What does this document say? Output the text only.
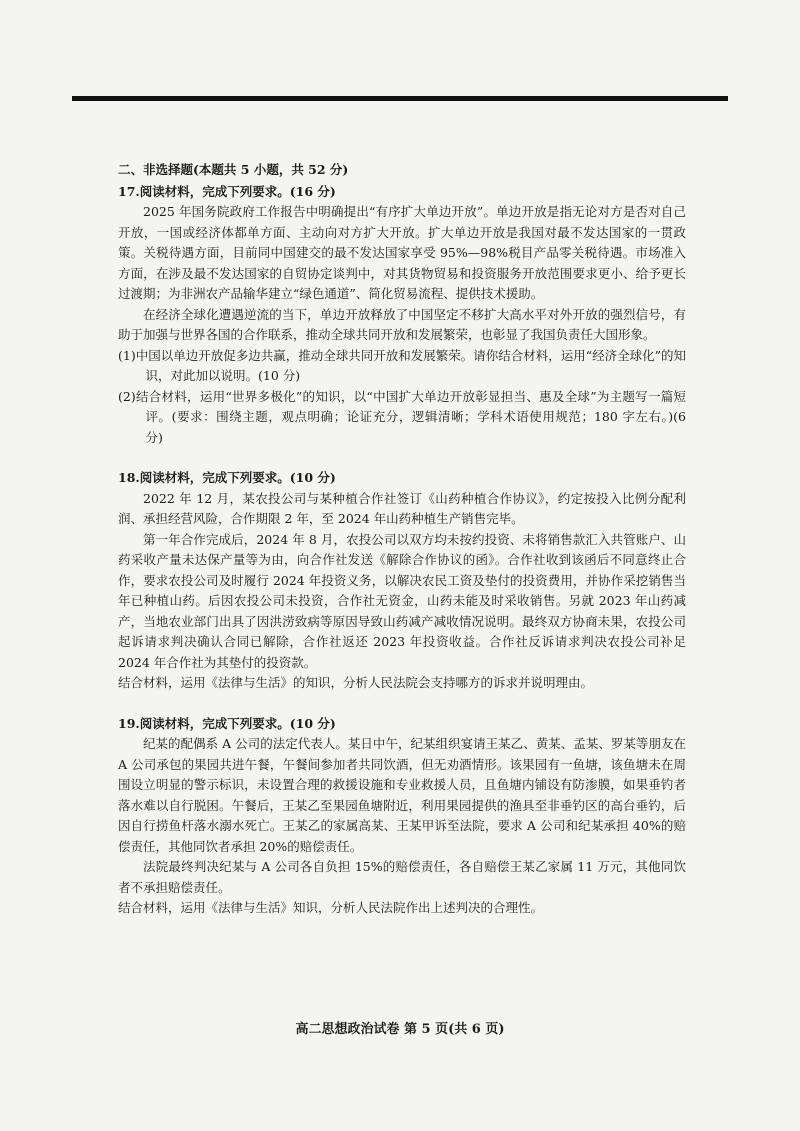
二、非选择题(本题共 5 小题，共 52 分)

17.阅读材料，完成下列要求。(16 分)

2025 年国务院政府工作报告中明确提出“有序扩大单边开放”。单边开放是指无论对方是否对自己开放，一国或经济体都单方面、主动向对方扩大开放。扩大单边开放是我国对最不发达国家的一贯政策。关税待遇方面，目前同中国建交的最不发达国家享受 95%—98%税目产品零关税待遇。市场准入方面，在涉及最不发达国家的自贸协定谈判中，对其货物贸易和投资服务开放范围要求更小、给予更长过渡期；为非洲农产品输华建立“绿色通道”、简化贸易流程、提供技术援助。

在经济全球化遭遇逆流的当下，单边开放释放了中国坚定不移扩大高水平对外开放的强烈信号，有助于加强与世界各国的合作联系，推动全球共同开放和发展繁荣，也彰显了我国负责任大国形象。

(1)中国以单边开放促多边共赢，推动全球共同开放和发展繁荣。请你结合材料，运用“经济全球化”的知识，对此加以说明。(10 分)

(2)结合材料，运用“世界多极化”的知识，以“中国扩大单边开放彰显担当、惠及全球”为主题写一篇短评。(要求：围绕主题，观点明确；论证充分，逻辑清晰；学科术语使用规范；180 字左右。)(6 分)

18.阅读材料，完成下列要求。(10 分)

2022 年 12 月，某农投公司与某种植合作社签订《山药种植合作协议》，约定按投入比例分配利润、承担经营风险，合作期限 2 年，至 2024 年山药种植生产销售完毕。

第一年合作完成后，2024 年 8 月，农投公司以双方均未按约投资、未将销售款汇入共管账户、山药采收产量未达保产量等为由，向合作社发送《解除合作协议的函》。合作社收到该函后不同意终止合作，要求农投公司及时履行 2024 年投资义务，以解决农民工资及垫付的投资费用，并协作采挖销售当年已种植山药。后因农投公司未投资，合作社无资金，山药未能及时采收销售。另就 2023 年山药减产，当地农业部门出具了因洪涝致病等原因导致山药减产减收情况说明。最终双方协商未果，农投公司起诉请求判决确认合同已解除，合作社返还 2023 年投资收益。合作社反诉请求判决农投公司补足 2024 年合作社为其垫付的投资款。

结合材料，运用《法律与生活》的知识，分析人民法院会支持哪方的诉求并说明理由。

19.阅读材料，完成下列要求。(10 分)

纪某的配偶系 A 公司的法定代表人。某日中午，纪某组织宴请王某乙、黄某、孟某、罗某等朋友在 A 公司承包的果园共进午餐，午餐间参加者共同饮酒，但无劝酒情形。该果园有一鱼塘，该鱼塘未在周围设立明显的警示标识，未设置合理的救援设施和专业救援人员，且鱼塘内铺设有防渗膜，如果垂钓者落水难以自行脱困。午餐后，王某乙至果园鱼塘附近，利用果园提供的渔具至非垂钓区的高台垂钓，后因自行捞鱼杆落水溺水死亡。王某乙的家属高某、王某甲诉至法院，要求 A 公司和纪某承担 40%的赔偿责任，其他同饮者承担 20%的赔偿责任。

法院最终判决纪某与 A 公司各自负担 15%的赔偿责任，各自赔偿王某乙家属 11 万元，其他同饮者不承担赔偿责任。

结合材料，运用《法律与生活》知识，分析人民法院作出上述判决的合理性。

高二思想政治试卷 第 5 页(共 6 页)
